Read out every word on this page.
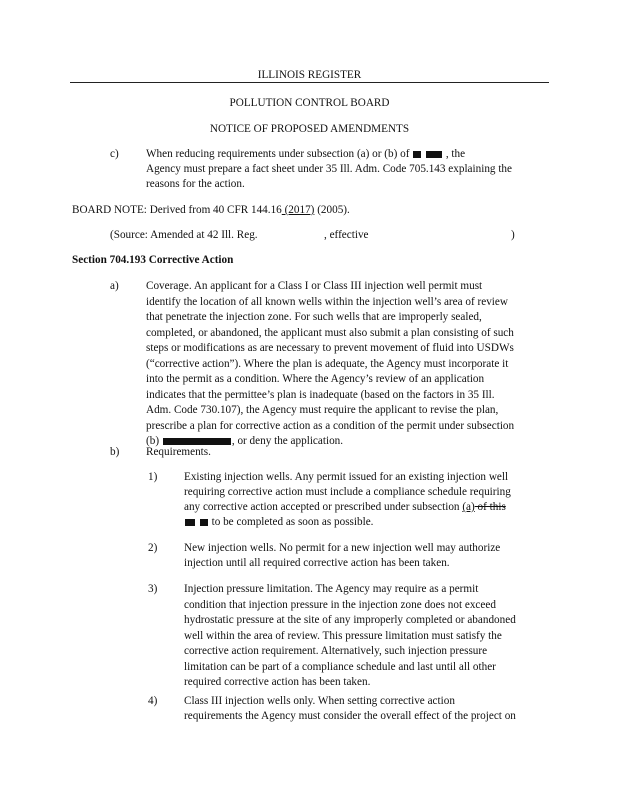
ILLINOIS REGISTER
POLLUTION CONTROL BOARD
NOTICE OF PROPOSED AMENDMENTS
c) When reducing requirements under subsection (a) or (b) of	, the
Agency must prepare a fact sheet under 35 Ill. Adm. Code 705.143 explaining the
reasons for the action.
BOARD NOTE: Derived from 40 CFR 144.16 (2017) (2005).
(Source: Amended at 42 Ill. Reg.	, effective	)
Section 704.193 Corrective Action
a) Coverage. An applicant for a Class I or Class III injection well permit must
identify the location of all known wells within the injection well’s area of review
that penetrate the injection zone. For such wells that are improperly sealed,
completed, or abandoned, the applicant must also submit a plan consisting of such
steps or modifications as are necessary to prevent movement of fluid into USDWs
(“corrective action”). Where the plan is adequate, the Agency must incorporate it
into the permit as a condition. Where the Agency’s review of an application
indicates that the permittee’s plan is inadequate (based on the factors in 35 Ill.
Adm. Code 730.107), the Agency must require the applicant to revise the plan,
prescribe a plan for corrective action as a condition of the permit under subsection
(b)	, or deny the application.
b) Requirements.
1) Existing injection wells. Any permit issued for an existing injection well
requiring corrective action must include a compliance schedule requiring
any corrective action accepted or prescribed under subsection (a) of this
to be completed as soon as possible.
2) New injection wells. No permit for a new injection well may authorize
injection until all required corrective action has been taken.
3) Injection pressure limitation. The Agency may require as a permit
condition that injection pressure in the injection zone does not exceed
hydrostatic pressure at the site of any improperly completed or abandoned
well within the area of review. This pressure limitation must satisfy the
corrective action requirement. Alternatively, such injection pressure
limitation can be part of a compliance schedule and last until all other
required corrective action has been taken.
4) Class III injection wells only. When setting corrective action
requirements the Agency must consider the overall effect of the project on
